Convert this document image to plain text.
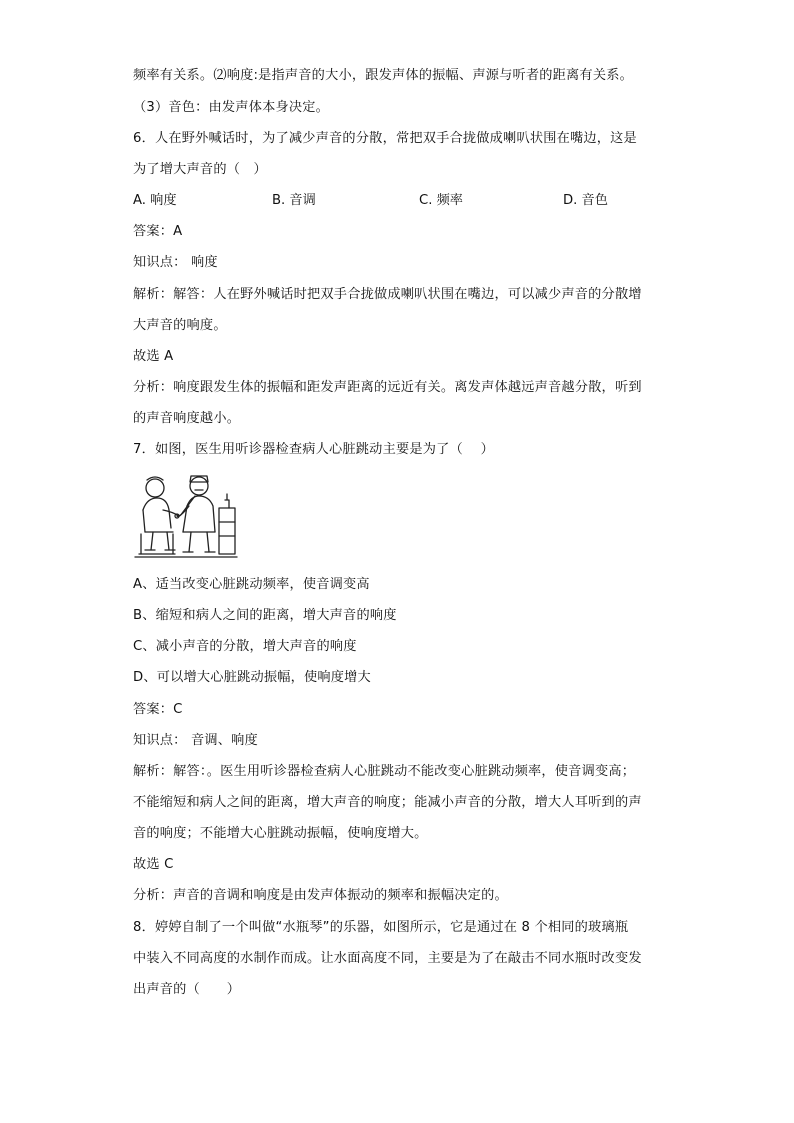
频率有关系。⑵响度:是指声音的大小，跟发声体的振幅、声源与听者的距离有关系。
（3）音色：由发声体本身决定。
6．人在野外喊话时，为了减少声音的分散，常把双手合拢做成喇叭状围在嘴边，这是
为了增大声音的（　）
A. 响度	B. 音调	C. 频率	D. 音色
答案：A
知识点： 响度
解析：解答：人在野外喊话时把双手合拢做成喇叭状围在嘴边，可以减少声音的分散增
大声音的响度。
故选 A
分析：响度跟发生体的振幅和距发声距离的远近有关。离发声体越远声音越分散，听到
的声音响度越小。
7．如图，医生用听诊器检查病人心脏跳动主要是为了（　 ）
A、适当改变心脏跳动频率，使音调变高
B、缩短和病人之间的距离，增大声音的响度
C、减小声音的分散，增大声音的响度
D、可以增大心脏跳动振幅，使响度增大
答案：C
知识点： 音调、响度
解析：解答：。医生用听诊器检查病人心脏跳动不能改变心脏跳动频率，使音调变高；
不能缩短和病人之间的距离，增大声音的响度；能减小声音的分散，增大人耳听到的声
音的响度；不能增大心脏跳动振幅，使响度增大。
故选 C
分析：声音的音调和响度是由发声体振动的频率和振幅决定的。
8．婷婷自制了一个叫做“水瓶琴”的乐器，如图所示，它是通过在 8 个相同的玻璃瓶
中装入不同高度的水制作而成。让水面高度不同，主要是为了在敲击不同水瓶时改变发
出声音的（　　）
